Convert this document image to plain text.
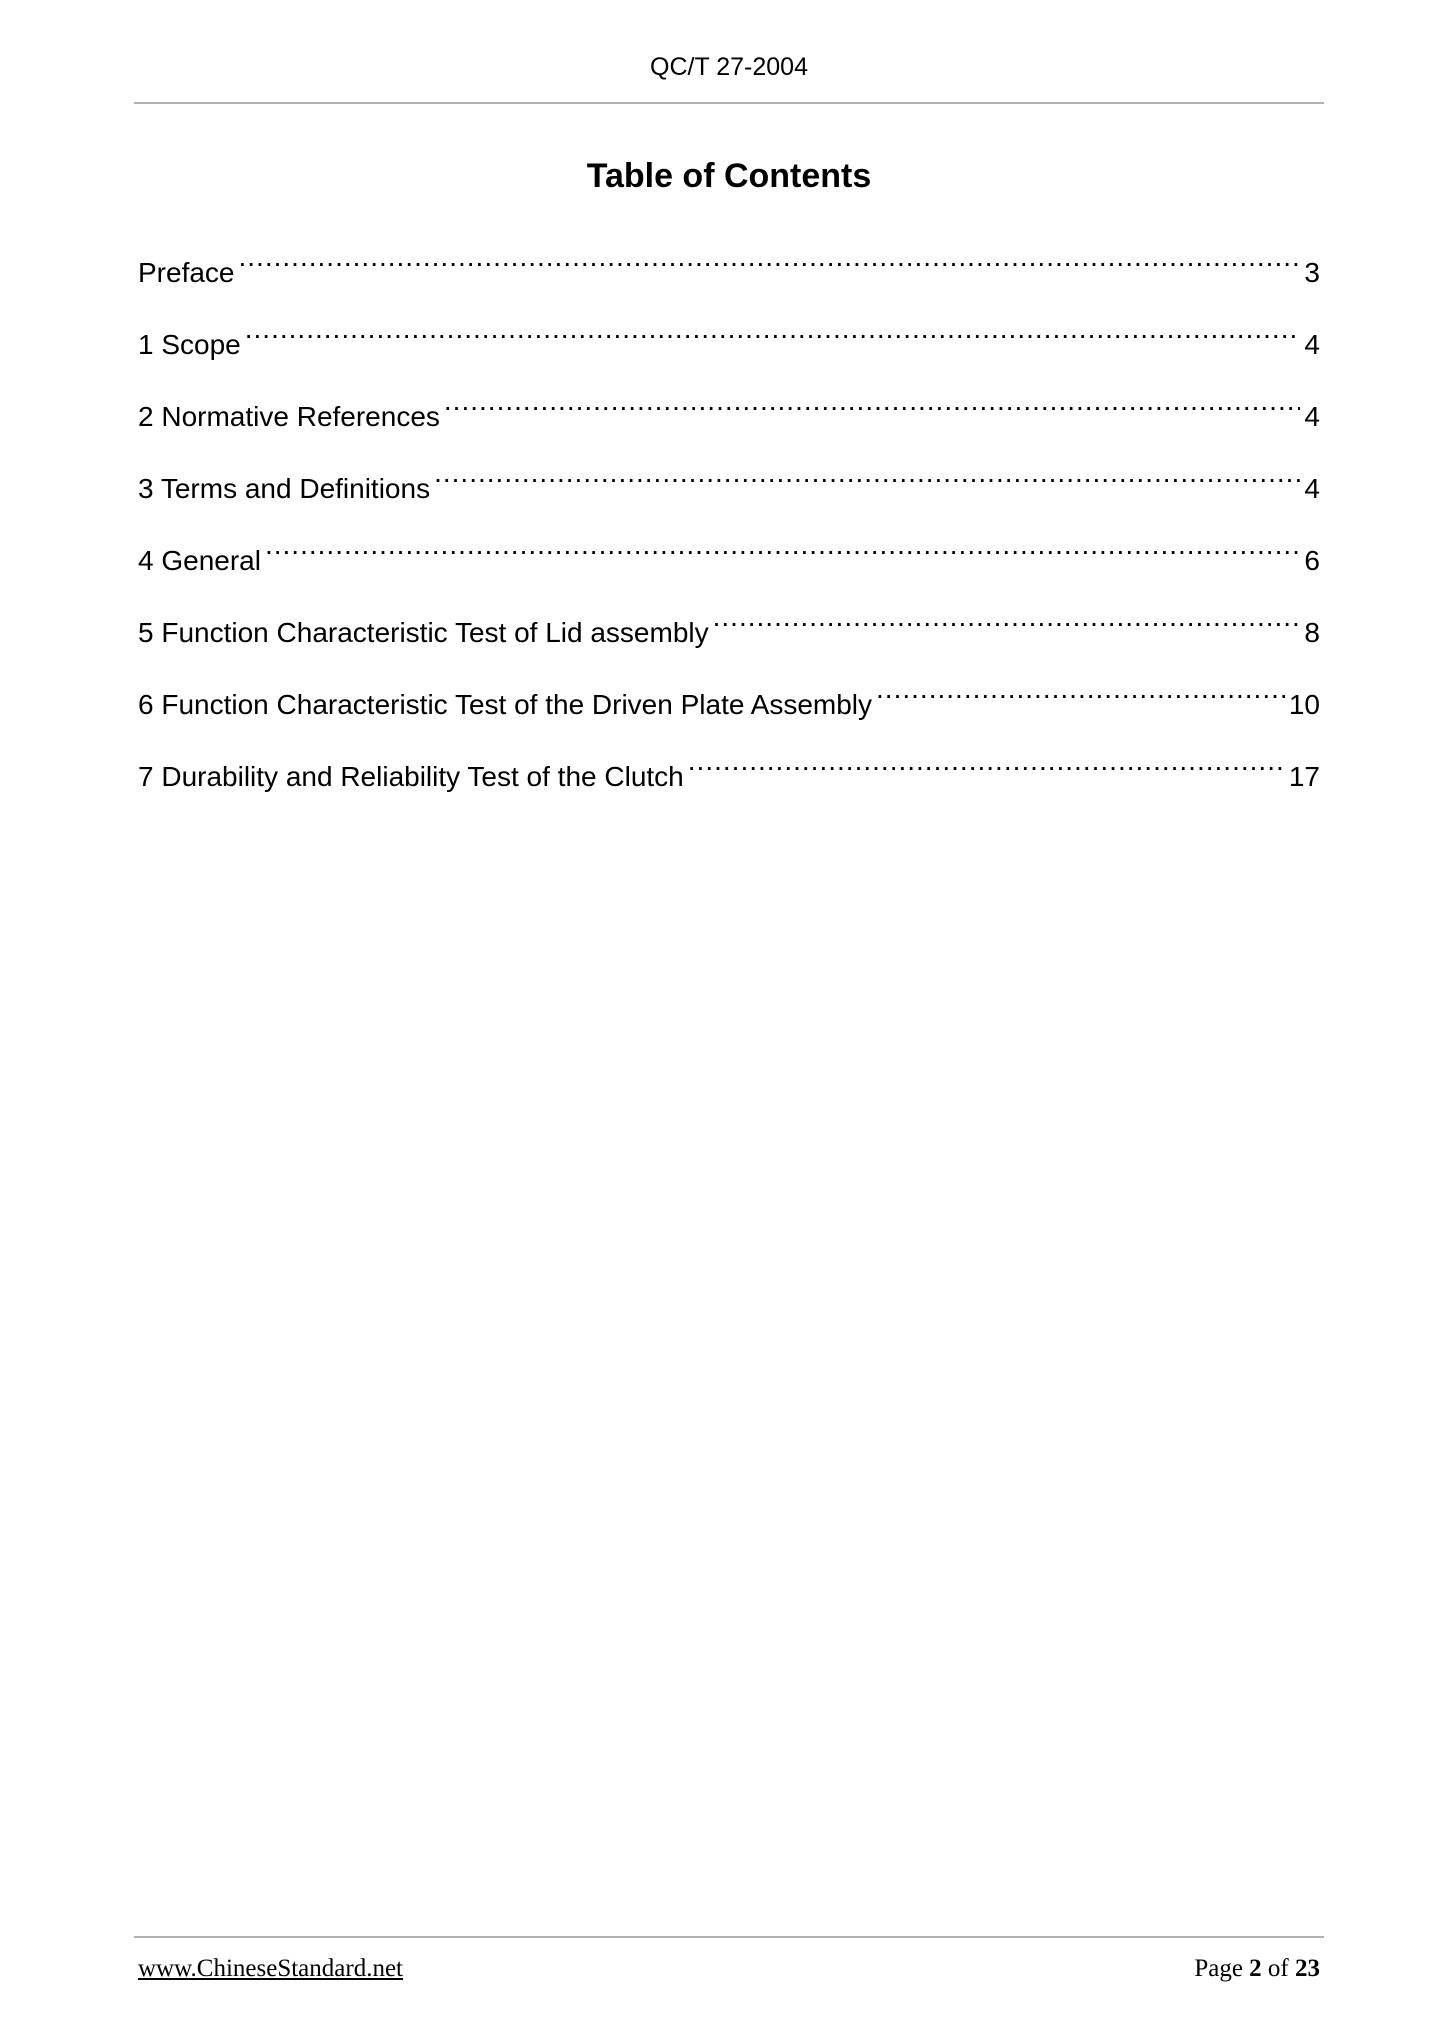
QC/T 27-2004
Table of Contents
Preface .....	3
1 Scope .....	4
2 Normative References .....	4
3 Terms and Definitions .....	4
4 General .....	6
5 Function Characteristic Test of Lid assembly .....	8
6 Function Characteristic Test of the Driven Plate Assembly .....	10
7 Durability and Reliability Test of the Clutch .....	17
www.ChineseStandard.net	Page 2 of 23
